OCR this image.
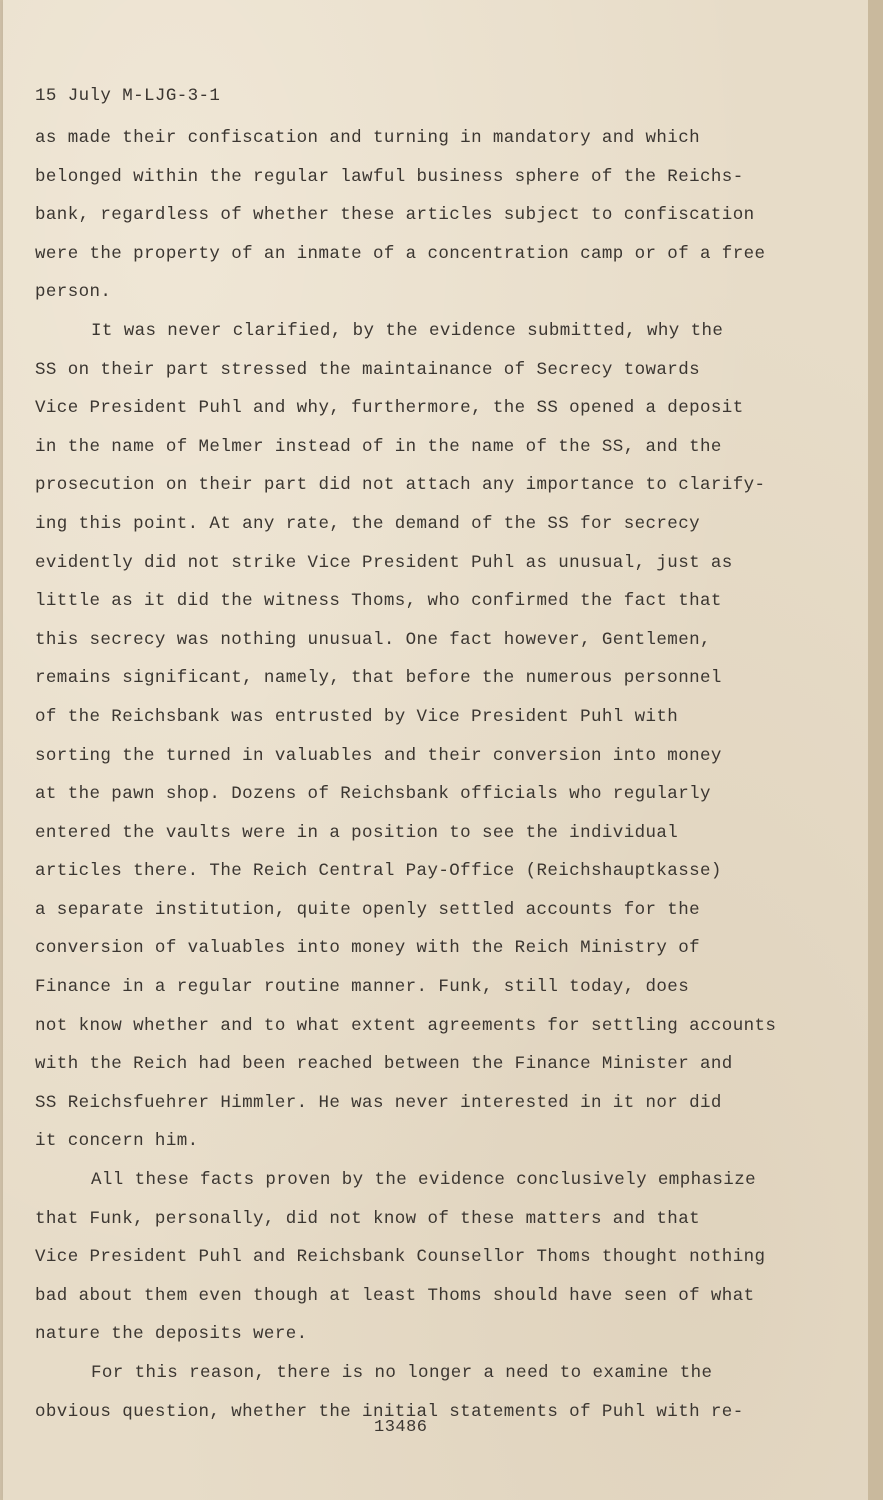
15 July M-LJG-3-1
as made their confiscation and turning in mandatory and which
belonged within the regular lawful business sphere of the Reichs-
bank, regardless of whether these articles subject to confiscation
were the property of an inmate of a concentration camp or of a free
person.
It was never clarified, by the evidence submitted, why the
SS on their part stressed the maintainance of Secrecy towards
Vice President Puhl and why, furthermore, the SS opened a deposit
in the name of Melmer instead of in the name of the SS, and the
prosecution on their part did not attach any importance to clarify-
ing this point. At any rate, the demand of the SS for secrecy
evidently did not strike Vice President Puhl as unusual, just as
little as it did the witness Thoms, who confirmed the fact that
this secrecy was nothing unusual. One fact however, Gentlemen,
remains significant, namely, that before the numerous personnel
of the Reichsbank was entrusted by Vice President Puhl with
sorting the turned in valuables and their conversion into money
at the pawn shop. Dozens of Reichsbank officials who regularly
entered the vaults were in a position to see the individual
articles there. The Reich Central Pay-Office (Reichshauptkasse)
a separate institution, quite openly settled accounts for the
conversion of valuables into money with the Reich Ministry of
Finance in a regular routine manner. Funk, still today, does
not know whether and to what extent agreements for settling accounts
with the Reich had been reached between the Finance Minister and
SS Reichsfuehrer Himmler. He was never interested in it nor did
it concern him.
All these facts proven by the evidence conclusively emphasize
that Funk, personally, did not know of these matters and that
Vice President Puhl and Reichsbank Counsellor Thoms thought nothing
bad about them even though at least Thoms should have seen of what
nature the deposits were.
For this reason, there is no longer a need to examine the
obvious question, whether the initial statements of Puhl with re-
13486
